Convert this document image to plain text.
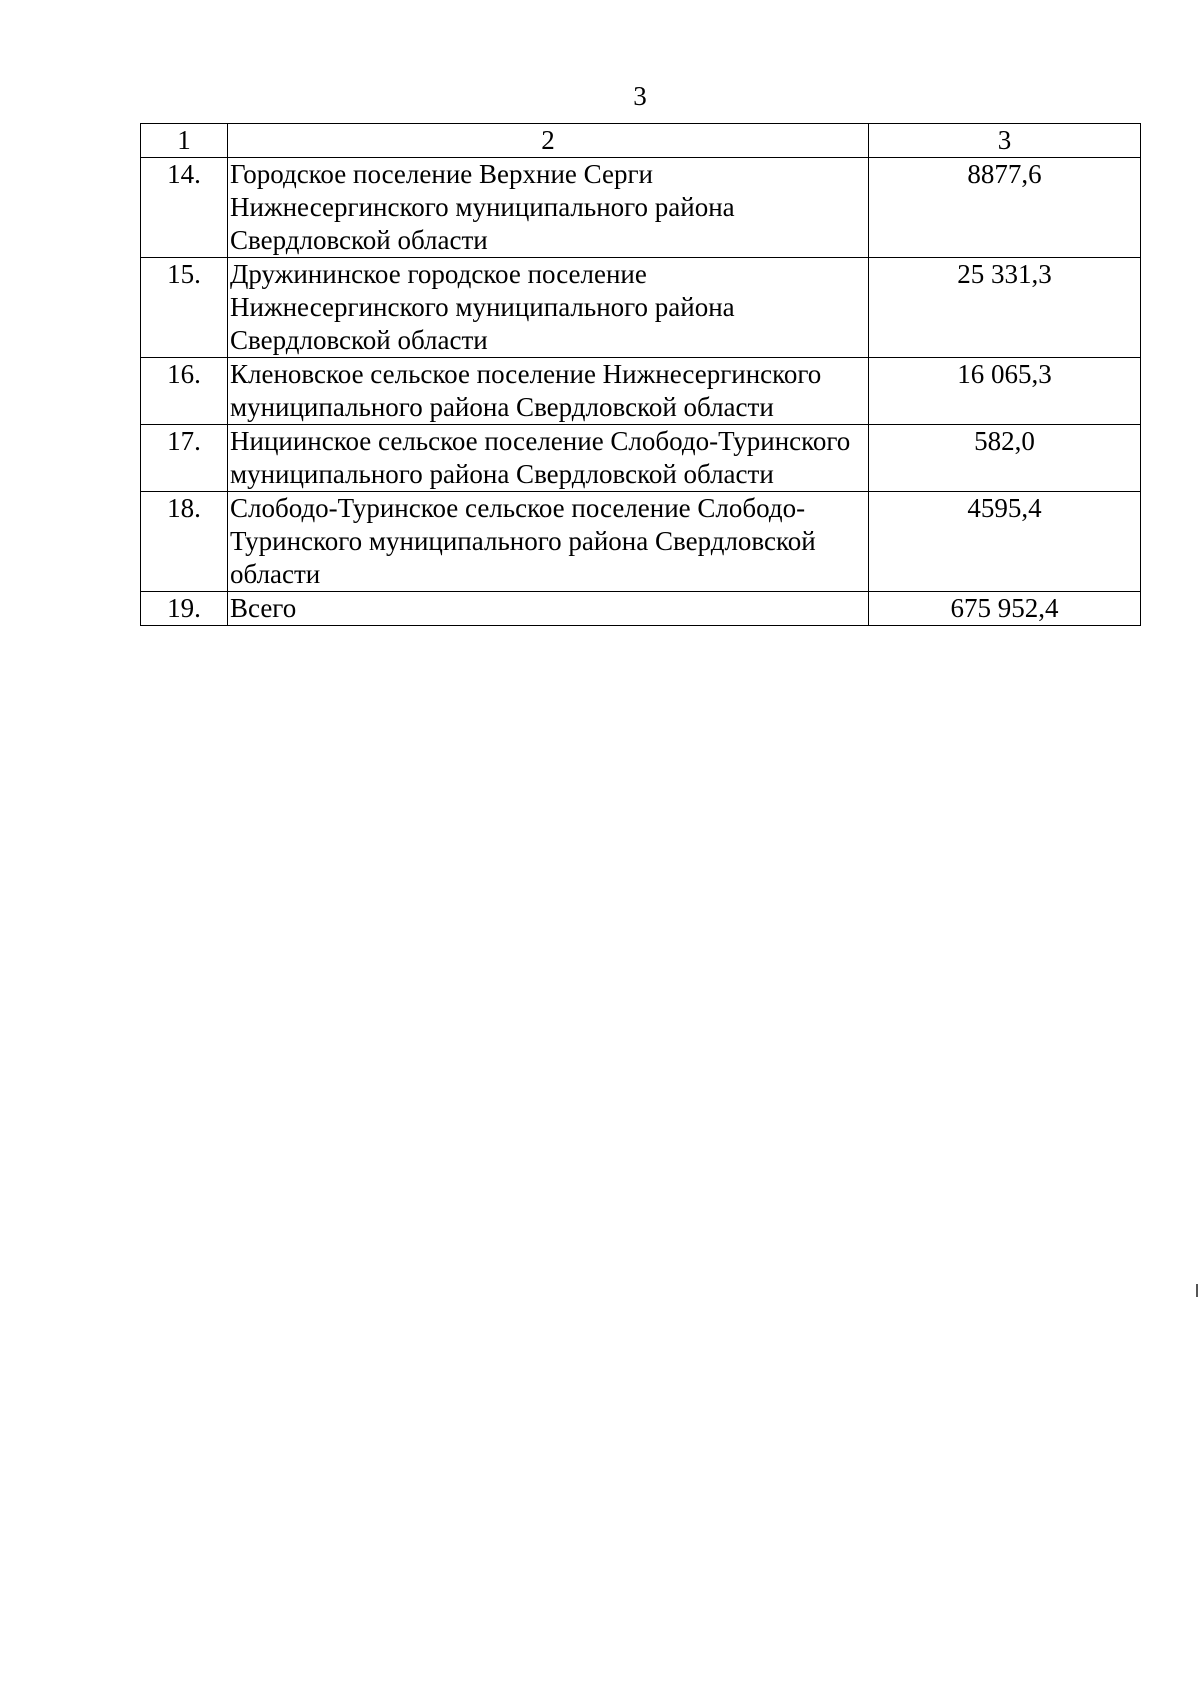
3
1	2	3
14.	Городское поселение Верхние Серги Нижнесергинского муниципального района Свердловской области	8877,6
15.	Дружининское городское поселение Нижнесергинского муниципального района Свердловской области	25 331,3
16.	Кленовское сельское поселение Нижнесергинского муниципального района Свердловской области	16 065,3
17.	Нициинское сельское поселение Слободо-Туринского муниципального района Свердловской области	582,0
18.	Слободо-Туринское сельское поселение Слободо-Туринского муниципального района Свердловской области	4595,4
19.	Всего	675 952,4
